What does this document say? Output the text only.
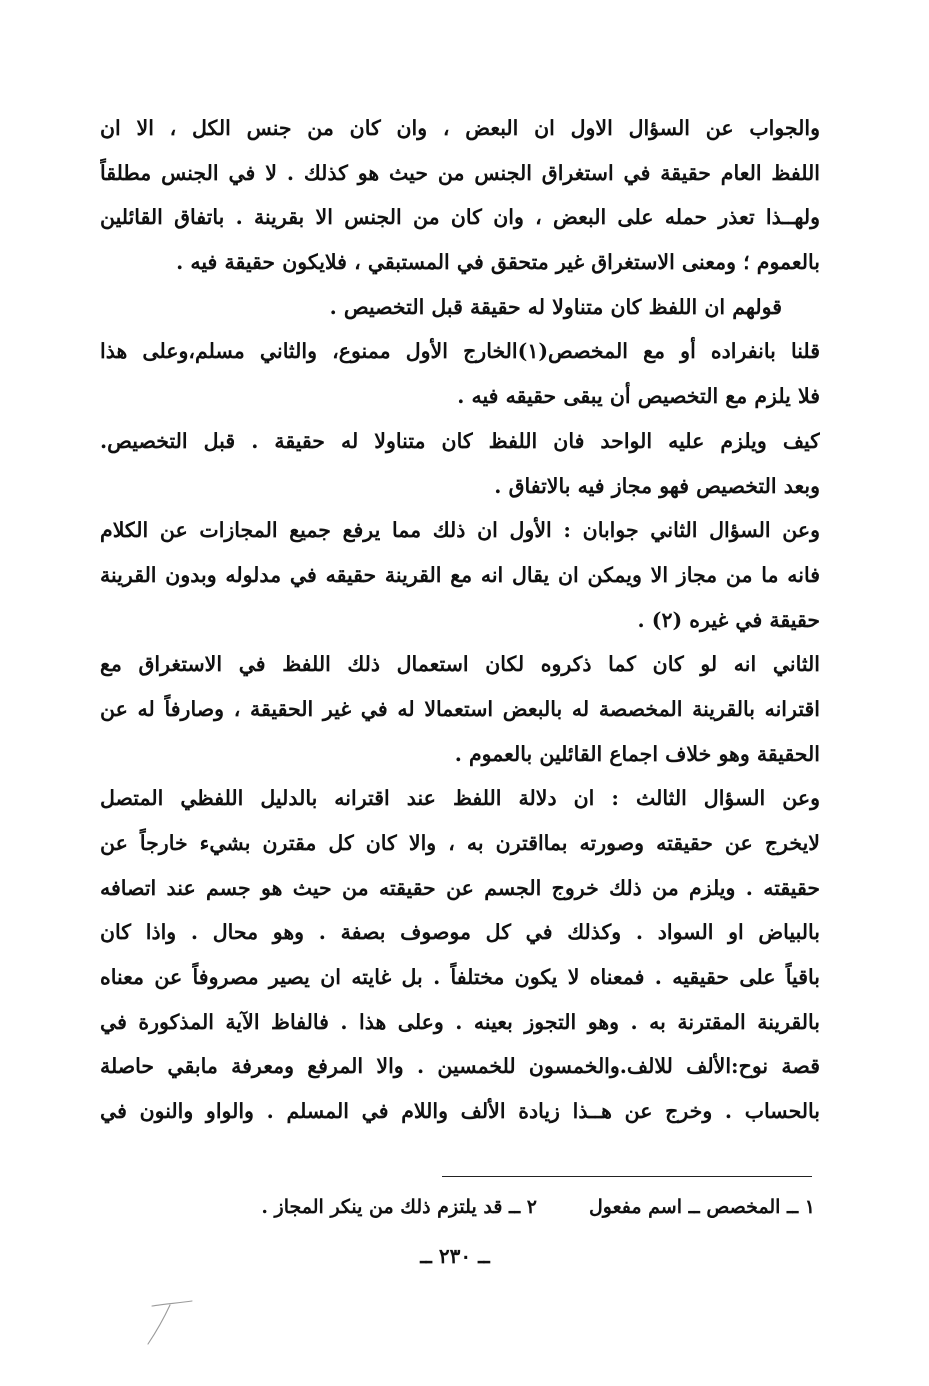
والجواب عن السؤال الاول ان البعض ، وان كان من جنس الكل ، الا ان
اللفظ العام حقيقة في استغراق الجنس من حيث هو كذلك . لا في الجنس مطلقاً
ولهــذا تعذر حمله على البعض ، وان كان من الجنس الا بقرينة . باتفاق القائلين
بالعموم ؛ ومعنى الاستغراق غير متحقق في المستبقي ، فلايكون حقيقة فيه .
قولهم ان اللفظ كان متناولا له حقيقة قبل التخصيص .
قلنا بانفراده أو مع المخصص(١)الخارج الأول ممنوع، والثاني مسلم،وعلى هذا
فلا يلزم مع التخصيص أن يبقى حقيقه فيه .
كيف ويلزم عليه الواحد فان اللفظ كان متناولا له حقيقة . قبل التخصيص.
وبعد التخصيص فهو مجاز فيه بالاتفاق .
وعن السؤال الثاني جوابان : الأول ان ذلك مما يرفع جميع المجازات عن الكلام
فانه ما من مجاز الا ويمكن ان يقال انه مع القرينة حقيقه في مدلوله وبدون القرينة
حقيقة في غيره (٢) .
الثاني انه لو كان كما ذكروه لكان استعمال ذلك اللفظ في الاستغراق مع
اقترانه بالقرينة المخصصة له بالبعض استعمالا له في غير الحقيقة ، وصارفاً له عن
الحقيقة وهو خلاف اجماع القائلين بالعموم .
وعن السؤال الثالث : ان دلالة اللفظ عند اقترانه بالدليل اللفظي المتصل
لايخرج عن حقيقته وصورته بمااقترن به ، والا كان كل مقترن بشيء خارجاً عن
حقيقته . ويلزم من ذلك خروج الجسم عن حقيقته من حيث هو جسم عند اتصافه
بالبياض او السواد . وكذلك في كل موصوف بصفة . وهو محال . واذا كان
باقياً على حقيقيه . فمعناه لا يكون مختلفاً . بل غايته ان يصير مصروفاً عن معناه
بالقرينة المقترنة به . وهو التجوز بعينه . وعلى هذا . فالفاظ الآية المذكورة في
قصة نوح:الألف للالف.والخمسون للخمسين . والا المرفع ومعرفة مابقي حاصلة
بالحساب . وخرج عن هــذا زيادة الألف واللام في المسلم . والواو والنون في
١ ــ المخصص ــ اسم مفعول
٢ ــ قد يلتزم ذلك من ينكر المجاز .
ــ ٢٣٠ ــ
